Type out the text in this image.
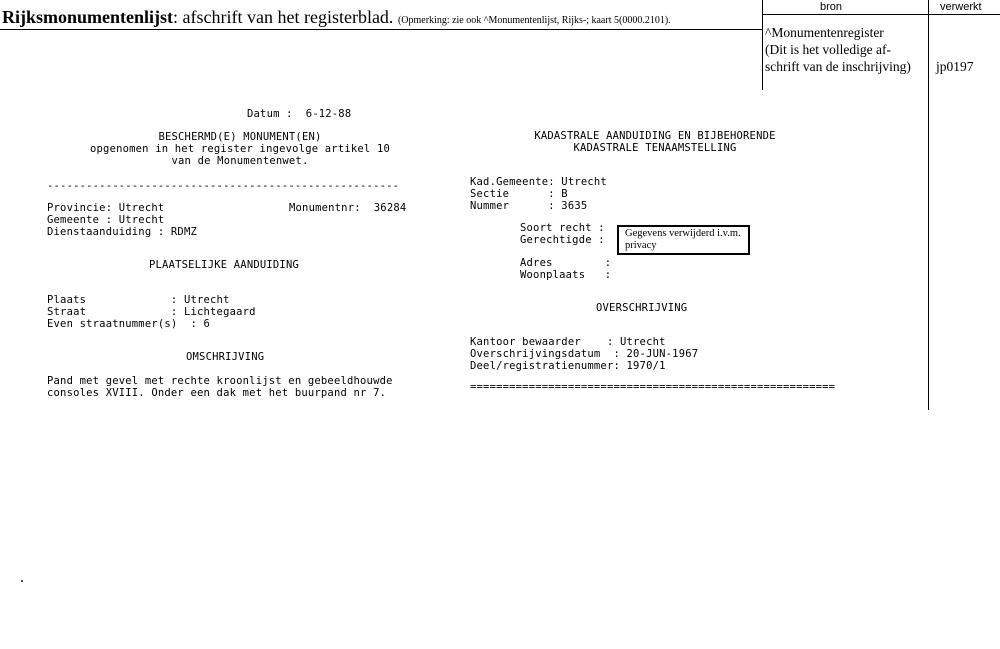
Rijksmonumentenlijst: afschrift van het registerblad. (Opmerking: zie ook ^Monumentenlijst, Rijks-; kaart 5(0000.2101).
bron	verwerkt
^Monumentenregister
(Dit is het volledige af-
schrift van de inschrijving) jp0197
Datum :  6-12-88
BESCHERMD(E) MONUMENT(EN)
opgenomen in het register ingevolge artikel 10
van de Monumentenwet.
------------------------------------------------------
Provincie: Utrecht	Monumentnr:  36284
Gemeente : Utrecht
Dienstaanduiding : RDMZ
PLAATSELIJKE AANDUIDING
Plaats             : Utrecht
Straat             : Lichtegaard
Even straatnummer(s)  : 6
OMSCHRIJVING
Pand met gevel met rechte kroonlijst en gebeeldhouwde
consoles XVIII. Onder een dak met het buurpand nr 7.
KADASTRALE AANDUIDING EN BIJBEHORENDE
KADASTRALE TENAAMSTELLING
Kad.Gemeente: Utrecht
Sectie      : B
Nummer      : 3635
Soort recht :
Gerechtigde :
Gegevens verwijderd i.v.m. privacy
Adres        :
Woonplaats   :
OVERSCHRIJVING
Kantoor bewaarder    : Utrecht
Overschrijvingsdatum  : 20-JUN-1967
Deel/registratienummer: 1970/1
========================================================
